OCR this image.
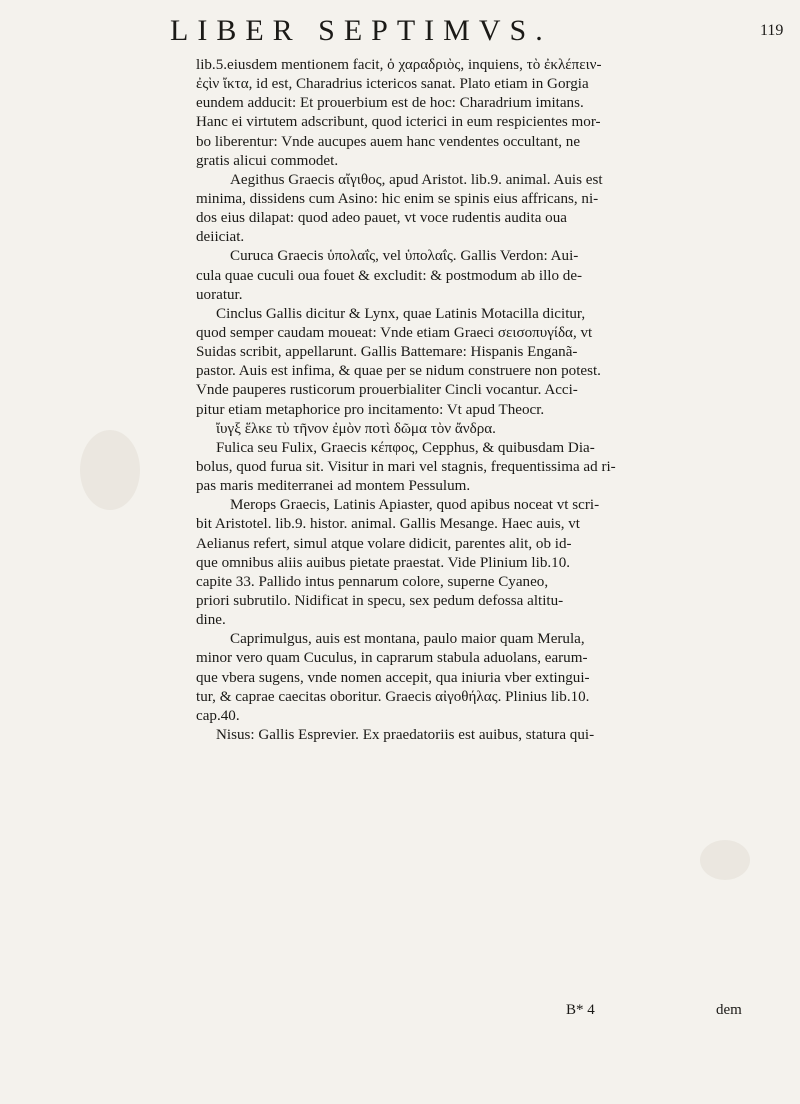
LIBER SEPTIMVS.	119
lib.5.eiusdem mentionem facit, ὁ χαραδριὸς, inquiens, τὸ ἐκλέπειν-
ἐςὶν ἴκτα, id est, Charadrius ictericos sanat. Plato etiam in Gorgia
eundem adducit: Et prouerbium est de hoc: Charadrium imitans.
Hanc ei virtutem adscribunt, quod icterici in eum respicientes mor-
bo liberentur: Vnde aucupes auem hanc vendentes occultant, ne
gratis alicui commodet.
Aegithus Graecis αἴγιθος, apud Aristot. lib.9. animal. Auis est
minima, dissidens cum Asino: hic enim se spinis eius affricans, ni-
dos eius dilapat: quod adeo pauet, vt voce rudentis audita oua
deiiciat.
Curuca Graecis ὑπολαΐς, vel ὑπολαΐς. Gallis Verdon: Aui-
cula quae cuculi oua fouet & excludit: & postmodum ab illo de-
uoratur.
Cinclus Gallis dicitur & Lynx, quae Latinis Motacilla dicitur,
quod semper caudam moueat: Vnde etiam Graeci σεισοπυγίδα, vt
Suidas scribit, appellarunt. Gallis Battemare: Hispanis Enganã-
pastor. Auis est infima, & quae per se nidum construere non potest.
Vnde pauperes rusticorum prouerbialiter Cincli vocantur. Acci-
pitur etiam metaphorice pro incitamento: Vt apud Theocr.
ἴυγξ ἕλκε τὺ τῆνον ἐμὸν ποτὶ δῶμα τὸν ἄνδρα.
Fulica seu Fulix, Graecis κέπφος, Cepphus, & quibusdam Dia-
bolus, quod furua sit. Visitur in mari vel stagnis, frequentissima ad ri-
pas maris mediterranei ad montem Pessulum.
Merops Graecis, Latinis Apiaster, quod apibus noceat vt scri-
bit Aristotel. lib.9. histor. animal. Gallis Mesange. Haec auis, vt
Aelianus refert, simul atque volare didicit, parentes alit, ob id-
que omnibus aliis auibus pietate praestat. Vide Plinium lib.10.
capite 33. Pallido intus pennarum colore, superne Cyaneo,
priori subrutilo. Nidificat in specu, sex pedum defossa altitu-
dine.
Caprimulgus, auis est montana, paulo maior quam Merula,
minor vero quam Cuculus, in caprarum stabula aduolans, earum-
que vbera sugens, vnde nomen accepit, qua iniuria vber extingui-
tur, & caprae caecitas oboritur. Graecis αἰγοθήλας. Plinius lib.10.
cap.40.
Nisus: Gallis Esprevier. Ex praedatoriis est auibus, statura qui-
B* 4	dem
